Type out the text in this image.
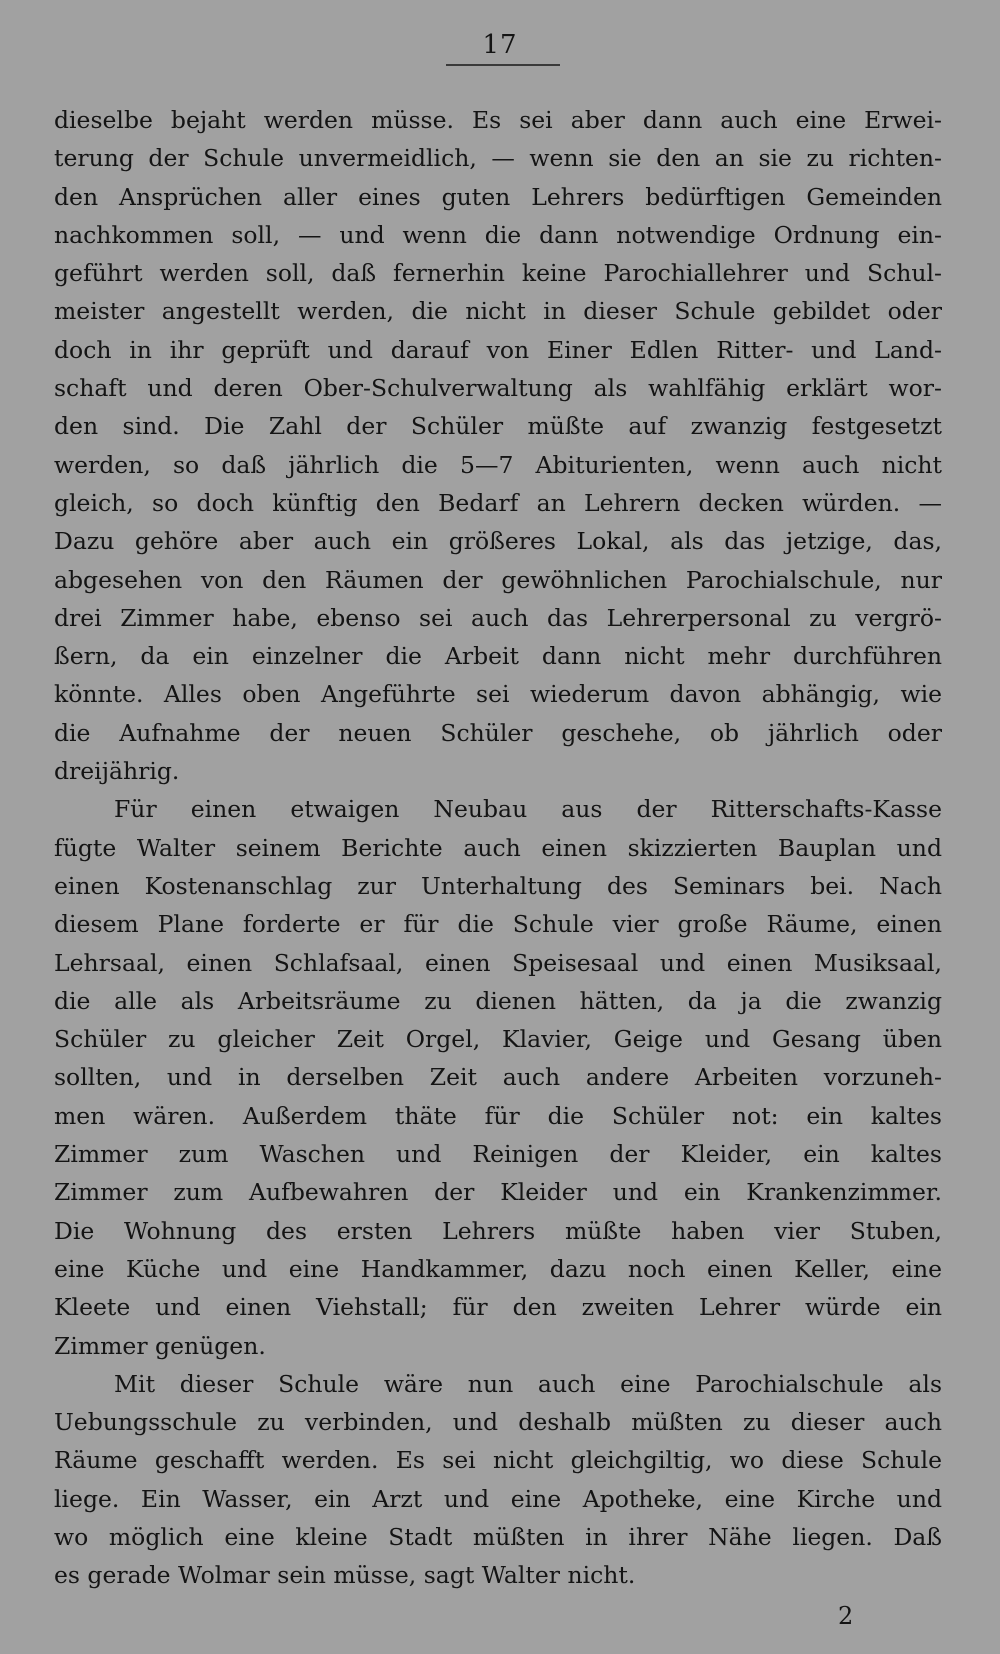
17
dieselbe bejaht werden müsse. Es sei aber dann auch eine Erwei-
terung der Schule unvermeidlich, — wenn sie den an sie zu richten-
den Ansprüchen aller eines guten Lehrers bedürftigen Gemeinden
nachkommen soll, — und wenn die dann notwendige Ordnung ein-
geführt werden soll, daß fernerhin keine Parochiallehrer und Schul-
meister angestellt werden, die nicht in dieser Schule gebildet oder
doch in ihr geprüft und darauf von Einer Edlen Ritter- und Land-
schaft und deren Ober-Schulverwaltung als wahlfähig erklärt wor-
den sind. Die Zahl der Schüler müßte auf zwanzig festgesetzt
werden, so daß jährlich die 5—7 Abiturienten, wenn auch nicht
gleich, so doch künftig den Bedarf an Lehrern decken würden. —
Dazu gehöre aber auch ein größeres Lokal, als das jetzige, das,
abgesehen von den Räumen der gewöhnlichen Parochialschule, nur
drei Zimmer habe, ebenso sei auch das Lehrerpersonal zu vergrö-
ßern, da ein einzelner die Arbeit dann nicht mehr durchführen
könnte. Alles oben Angeführte sei wiederum davon abhängig, wie
die Aufnahme der neuen Schüler geschehe, ob jährlich oder
dreijährig.
Für einen etwaigen Neubau aus der Ritterschafts-Kasse
fügte Walter seinem Berichte auch einen skizzierten Bauplan und
einen Kostenanschlag zur Unterhaltung des Seminars bei. Nach
diesem Plane forderte er für die Schule vier große Räume, einen
Lehrsaal, einen Schlafsaal, einen Speisesaal und einen Musiksaal,
die alle als Arbeitsräume zu dienen hätten, da ja die zwanzig
Schüler zu gleicher Zeit Orgel, Klavier, Geige und Gesang üben
sollten, und in derselben Zeit auch andere Arbeiten vorzuneh-
men wären. Außerdem thäte für die Schüler not: ein kaltes
Zimmer zum Waschen und Reinigen der Kleider, ein kaltes
Zimmer zum Aufbewahren der Kleider und ein Krankenzimmer.
Die Wohnung des ersten Lehrers müßte haben vier Stuben,
eine Küche und eine Handkammer, dazu noch einen Keller, eine
Kleete und einen Viehstall; für den zweiten Lehrer würde ein
Zimmer genügen.
Mit dieser Schule wäre nun auch eine Parochialschule als
Uebungsschule zu verbinden, und deshalb müßten zu dieser auch
Räume geschafft werden. Es sei nicht gleichgiltig, wo diese Schule
liege. Ein Wasser, ein Arzt und eine Apotheke, eine Kirche und
wo möglich eine kleine Stadt müßten in ihrer Nähe liegen. Daß
es gerade Wolmar sein müsse, sagt Walter nicht.
2
